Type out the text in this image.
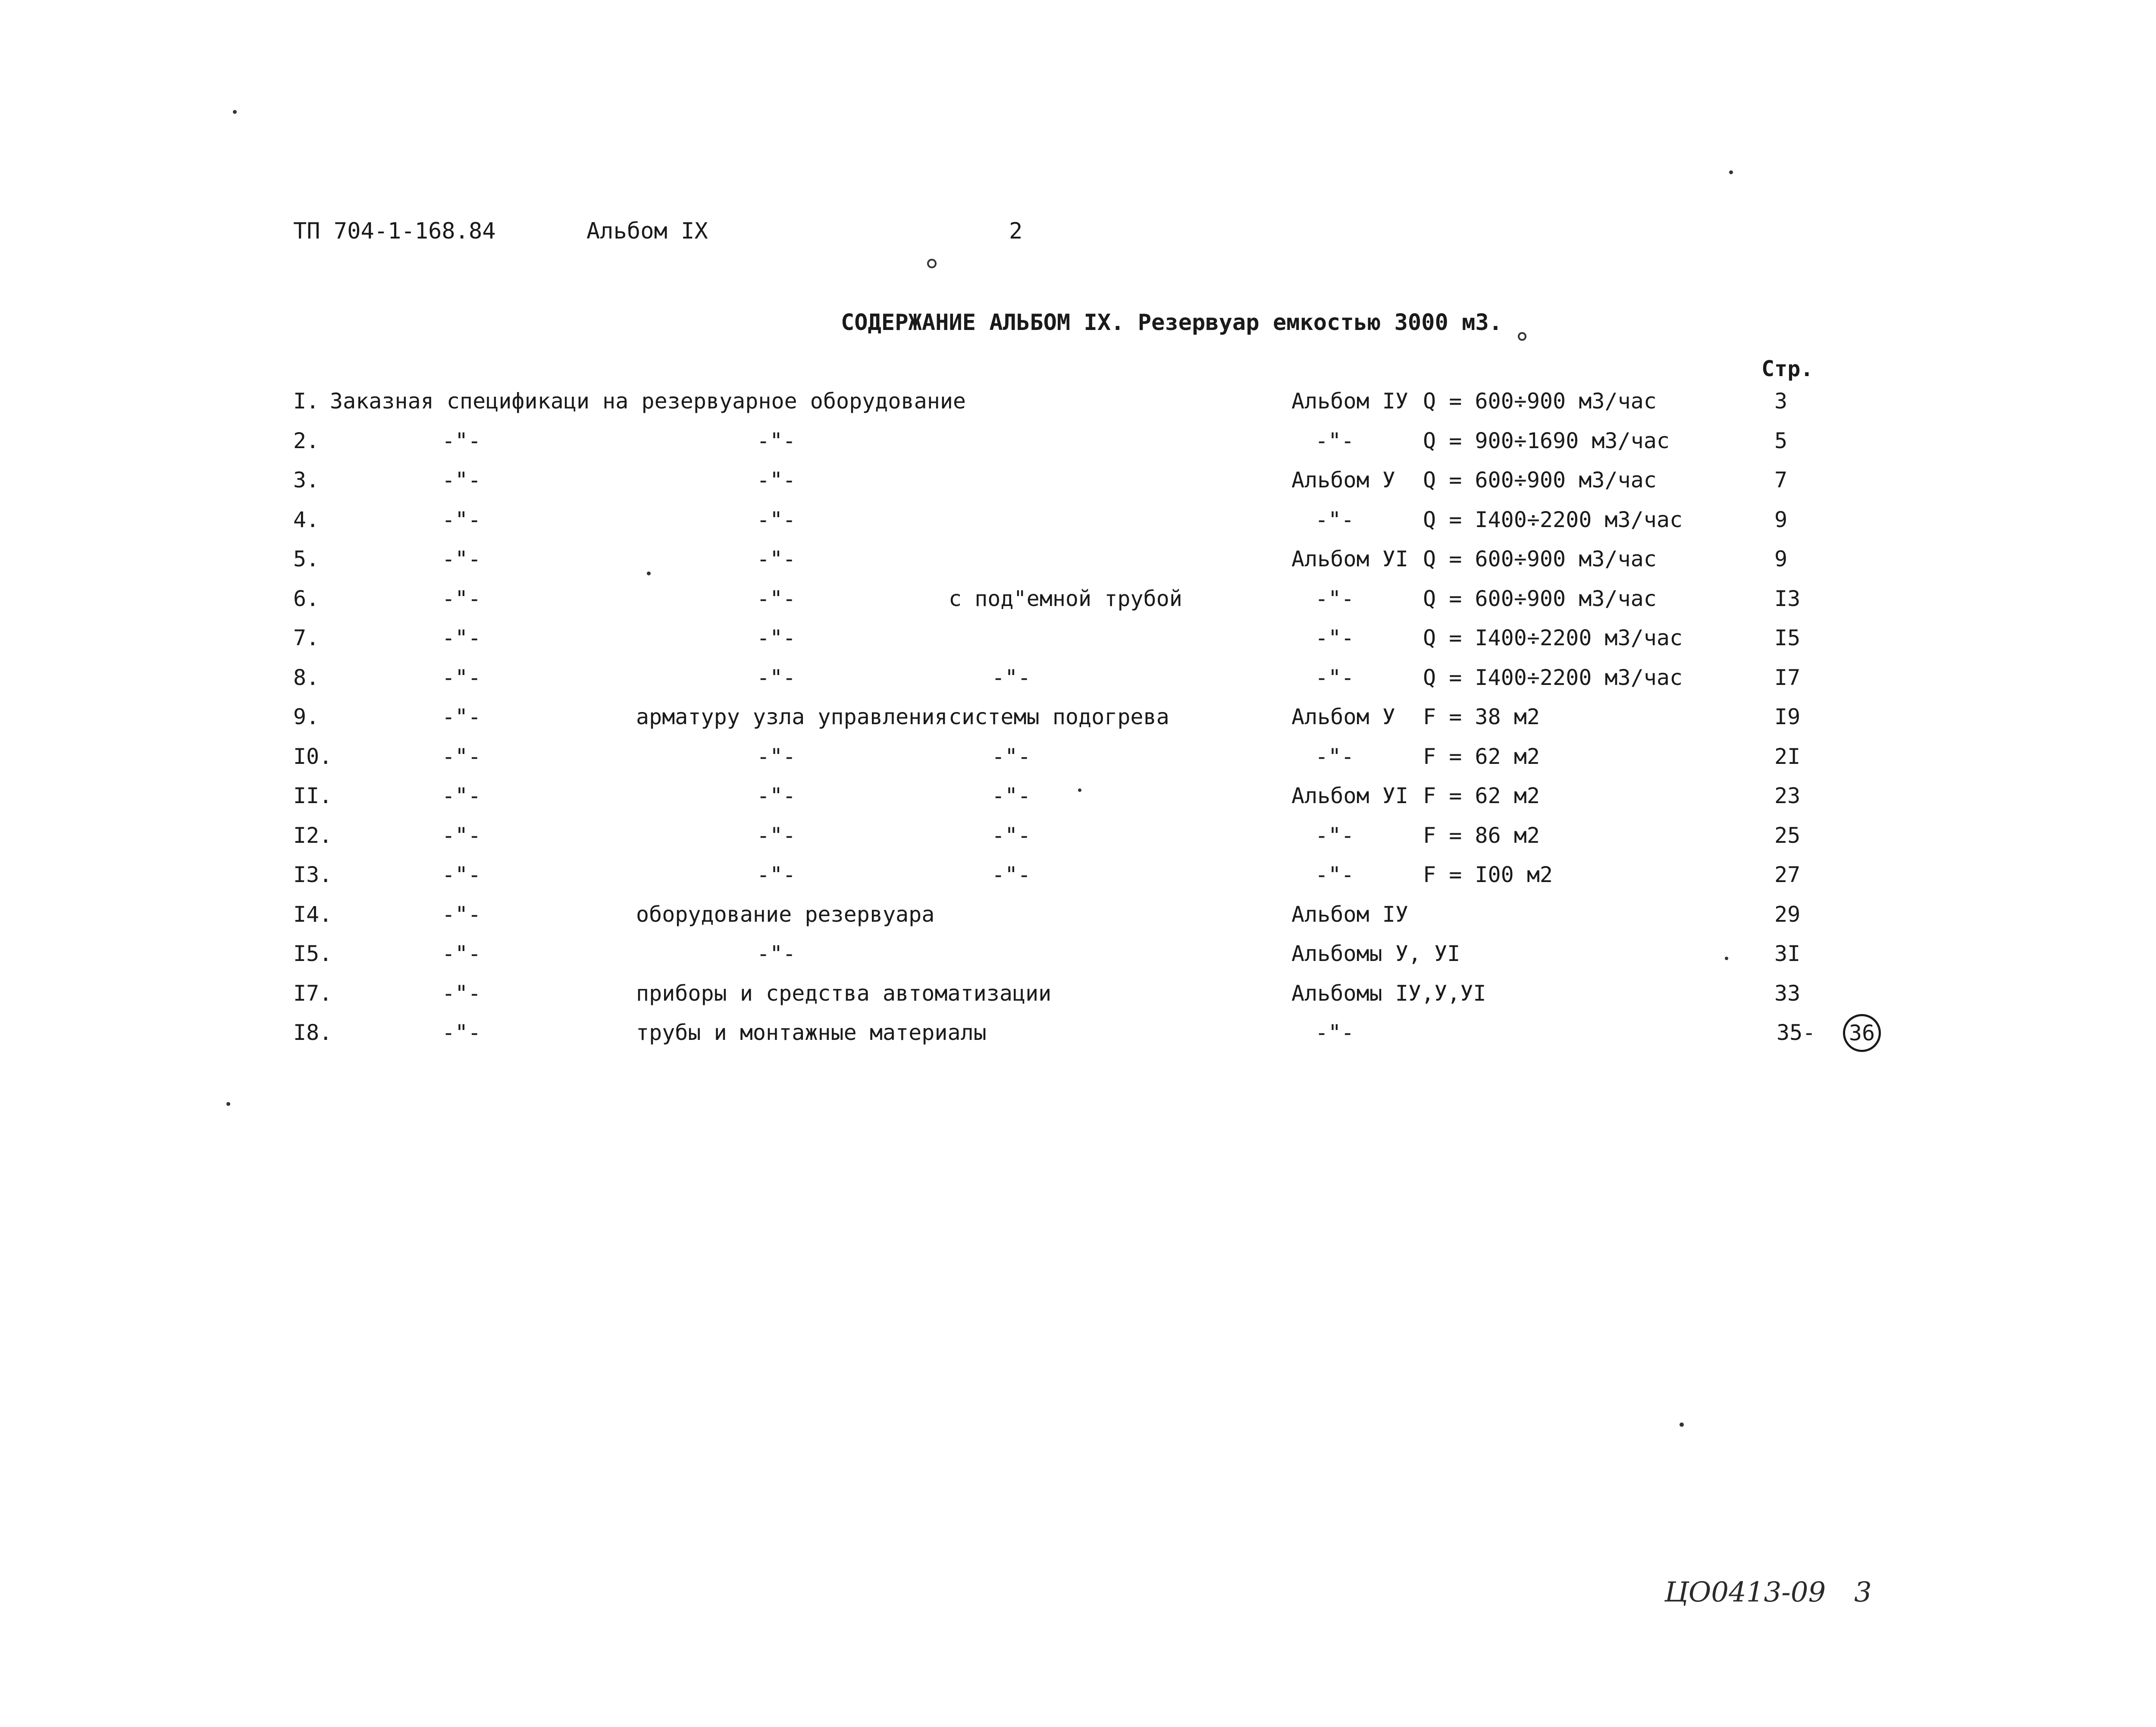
ТП 704-1-168.84	Альбом IX	2
СОДЕРЖАНИЕ АЛЬБОМ IX. Резервуар емкостью 3000 м3.
Стр.
I. Заказная спецификаци на резервуарное оборудование	Альбом IУ Q = 600÷900 м3/час	3
2.	-"-	-"-	-"-	Q = 900÷1690 м3/час	5
3.	-"-	-"-	Альбом У Q = 600÷900 м3/час	7
4.	-"-	-"-	-"-	Q = I400÷2200 м3/час	9
5.	-"-	-"-	Альбом УI Q = 600÷900 м3/час	9
6.	-"-	-"-	с под"емной трубой	-"-	Q = 600÷900 м3/час	I3
7.	-"-	-"-	-"-	Q = I400÷2200 м3/час	I5
8.	-"-	-"-	-"-	-"-	Q = I400÷2200 м3/час	I7
9.	-"-	арматуру узла управления системы подогрева	Альбом У F = 38 м2	I9
I0.	-"-	-"-	-"-	-"-	F = 62 м2	2I
II.	-"-	-"-	-"-	Альбом УI F = 62 м2	23
I2.	-"-	-"-	-"-	-"-	F = 86 м2	25
I3.	-"-	-"-	-"-	-"-	F = I00 м2	27
I4.	-"-	оборудование резервуара	Альбом IУ	29
I5.	-"-	-"-	Альбомы У, УI	3I
I7.	-"-	приборы и средства автоматизации	Альбомы IУ,У,УI	33
I8.	-"-	трубы и монтажные материалы	-"-	35-	36
ЦО0413-09 3
